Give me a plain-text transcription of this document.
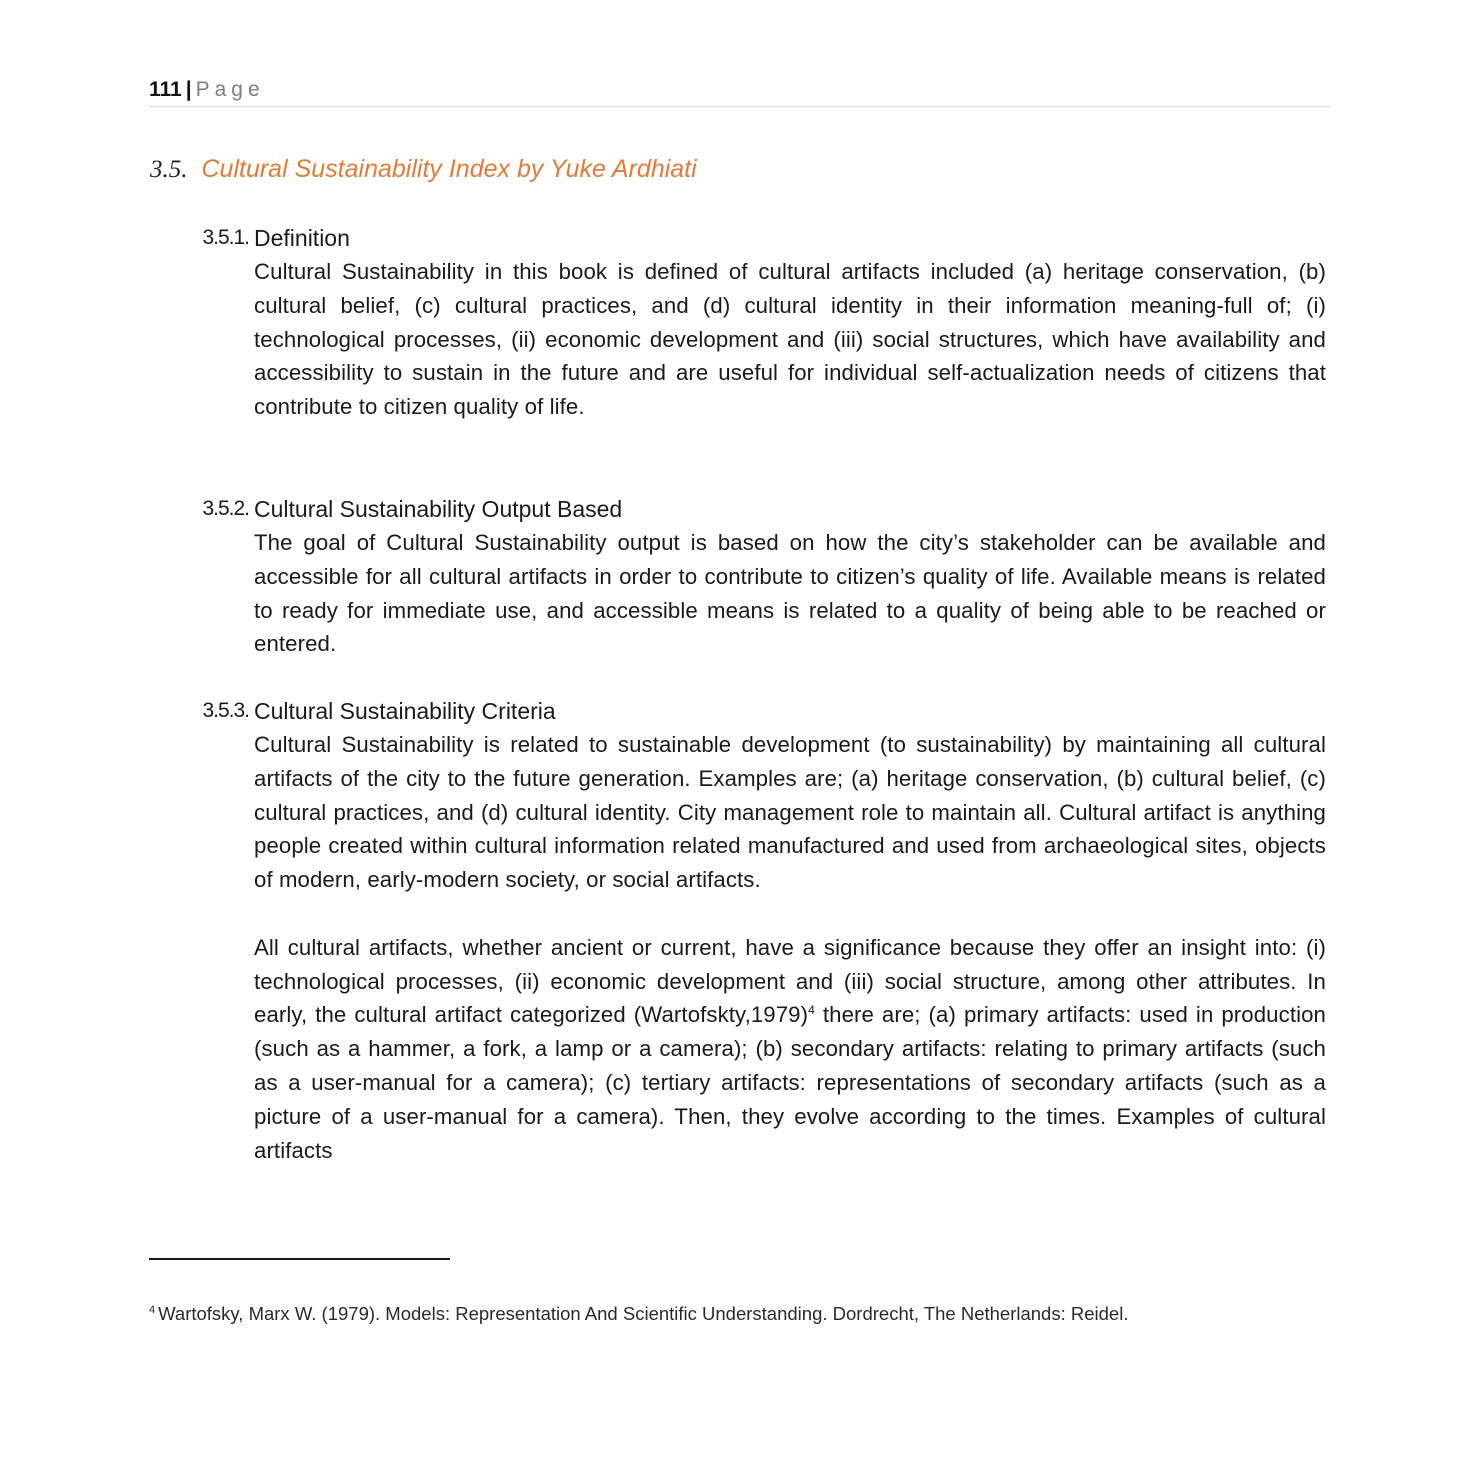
111 | Page
3.5. Cultural Sustainability Index by Yuke Ardhiati
3.5.1. Definition

Cultural Sustainability in this book is defined of cultural artifacts included (a) heritage conservation, (b) cultural belief, (c) cultural practices, and (d) cultural identity in their information meaning-full of; (i) technological processes, (ii) economic development and (iii) social structures, which have availability and accessibility to sustain in the future and are useful for individual self-actualization needs of citizens that contribute to citizen quality of life.

3.5.2. Cultural Sustainability Output Based

The goal of Cultural Sustainability output is based on how the city’s stakeholder can be available and accessible for all cultural artifacts in order to contribute to citizen’s quality of life. Available means is related to ready for immediate use, and accessible means is related to a quality of being able to be reached or entered.

3.5.3. Cultural Sustainability Criteria

Cultural Sustainability is related to sustainable development (to sustainability) by maintaining all cultural artifacts of the city to the future generation. Examples are; (a) heritage conservation, (b) cultural belief, (c) cultural practices, and (d) cultural identity. City management role to maintain all. Cultural artifact is anything people created within cultural information related manufactured and used from archaeological sites, objects of modern, early-modern society, or social artifacts.

All cultural artifacts, whether ancient or current, have a significance because they offer an insight into: (i) technological processes, (ii) economic development and (iii) social structure, among other attributes. In early, the cultural artifact categorized (Wartofskty,1979)$^4$ there are; (a) primary artifacts: used in production (such as a hammer, a fork, a lamp or a camera); (b) secondary artifacts: relating to primary artifacts (such as a user-manual for a camera); (c) tertiary artifacts: representations of secondary artifacts (such as a picture of a user-manual for a camera). Then, they evolve according to the times. Examples of cultural artifacts

$^4$ Wartofsky, Marx W. (1979). Models: Representation And Scientific Understanding. Dordrecht, The Netherlands: Reidel.
